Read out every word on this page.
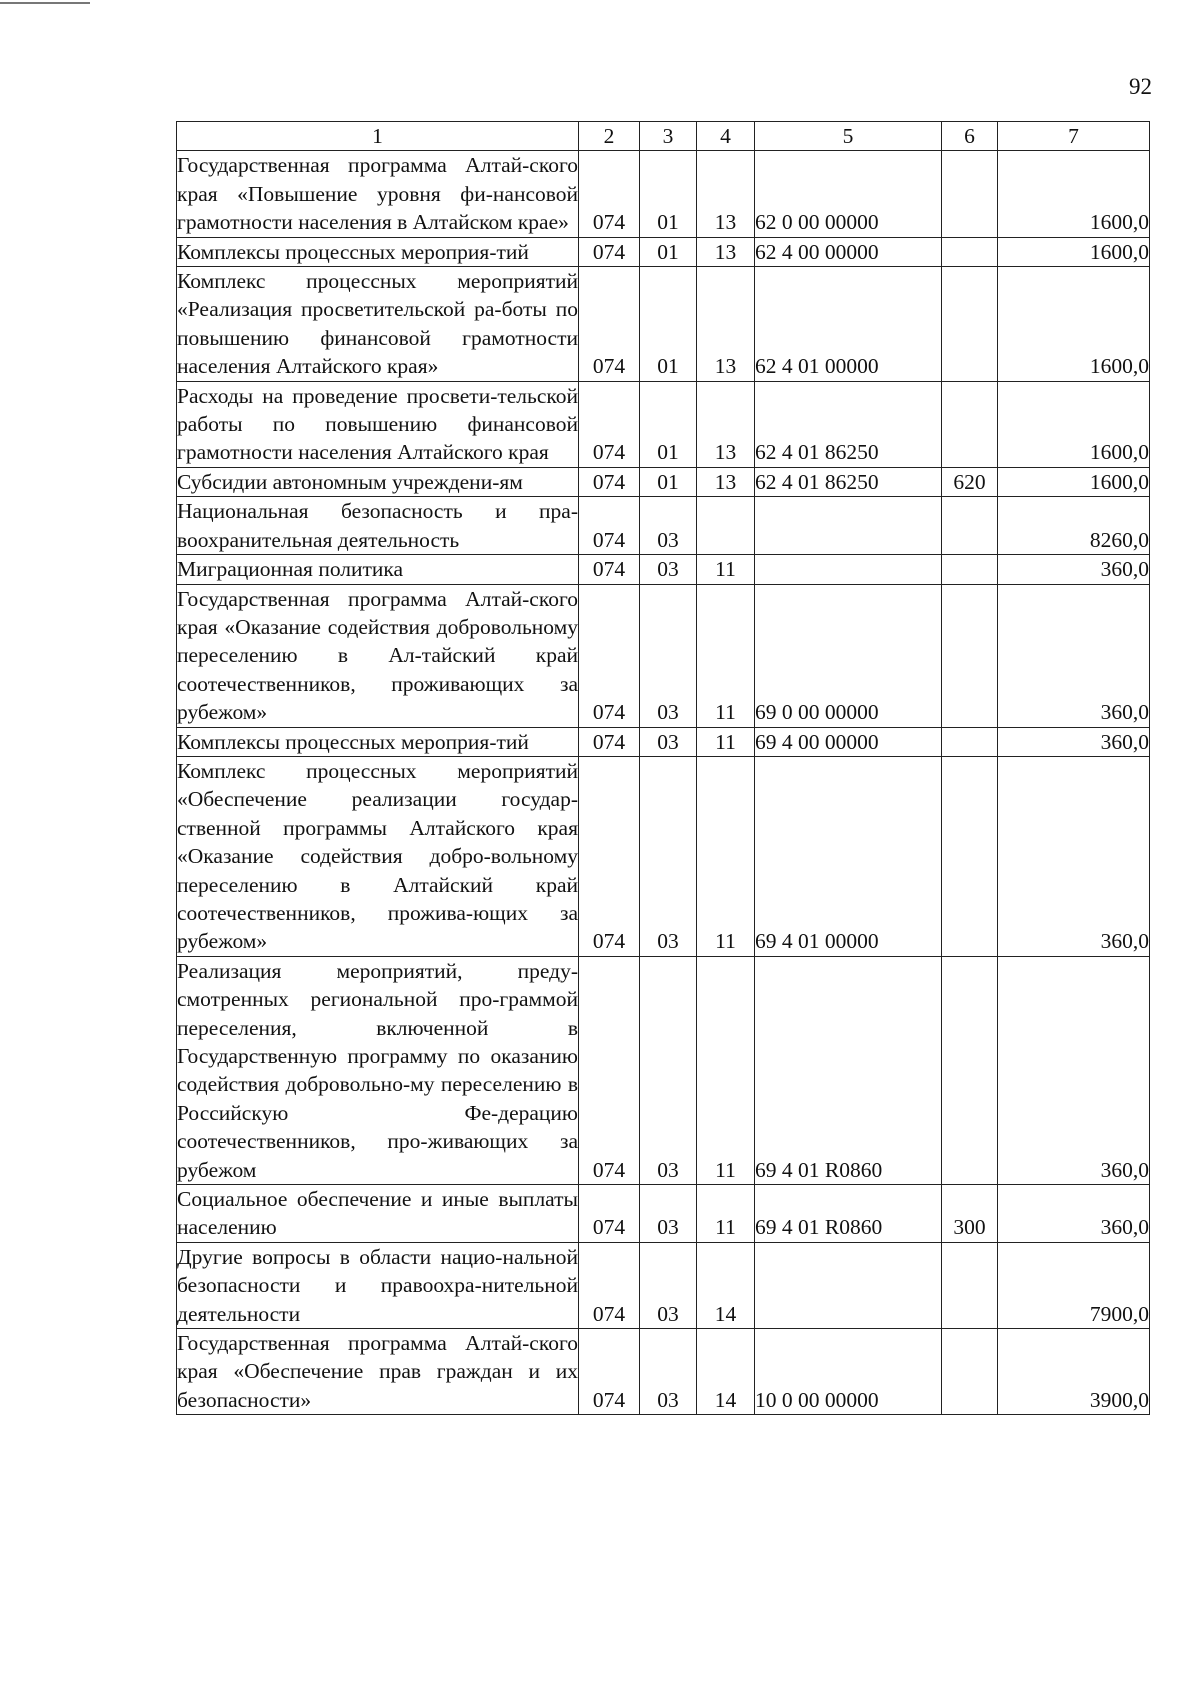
92
1	2	3	4	5	6	7
Государственная программа Алтай-ского края «Повышение уровня фи-нансовой грамотности населения в Алтайском крае»	074	01	13	62 0 00 00000		1600,0
Комплексы процессных мероприя-тий	074	01	13	62 4 00 00000		1600,0
Комплекс процессных мероприятий «Реализация просветительской ра-боты по повышению финансовой грамотности населения Алтайского края»	074	01	13	62 4 01 00000		1600,0
Расходы на проведение просвети-тельской работы по повышению финансовой грамотности населения Алтайского края	074	01	13	62 4 01 86250		1600,0
Субсидии автономным учреждени-ям	074	01	13	62 4 01 86250	620	1600,0
Национальная безопасность и пра-воохранительная деятельность	074	03				8260,0
Миграционная политика	074	03	11			360,0
Государственная программа Алтай-ского края «Оказание содействия добровольному переселению в Ал-тайский край соотечественников, проживающих за рубежом»	074	03	11	69 0 00 00000		360,0
Комплексы процессных мероприя-тий	074	03	11	69 4 00 00000		360,0
Комплекс процессных мероприятий «Обеспечение реализации государ-ственной программы Алтайского края «Оказание содействия добро-вольному переселению в Алтайский край соотечественников, прожива-ющих за рубежом»	074	03	11	69 4 01 00000		360,0
Реализация мероприятий, преду-смотренных региональной про-граммой переселения, включенной в Государственную программу по оказанию содействия добровольно-му переселению в Российскую Фе-дерацию соотечественников, про-живающих за рубежом	074	03	11	69 4 01 R0860		360,0
Социальное обеспечение и иные выплаты населению	074	03	11	69 4 01 R0860	300	360,0
Другие вопросы в области нацио-нальной безопасности и правоохра-нительной деятельности	074	03	14			7900,0
Государственная программа Алтай-ского края «Обеспечение прав граждан и их безопасности»	074	03	14	10 0 00 00000		3900,0
